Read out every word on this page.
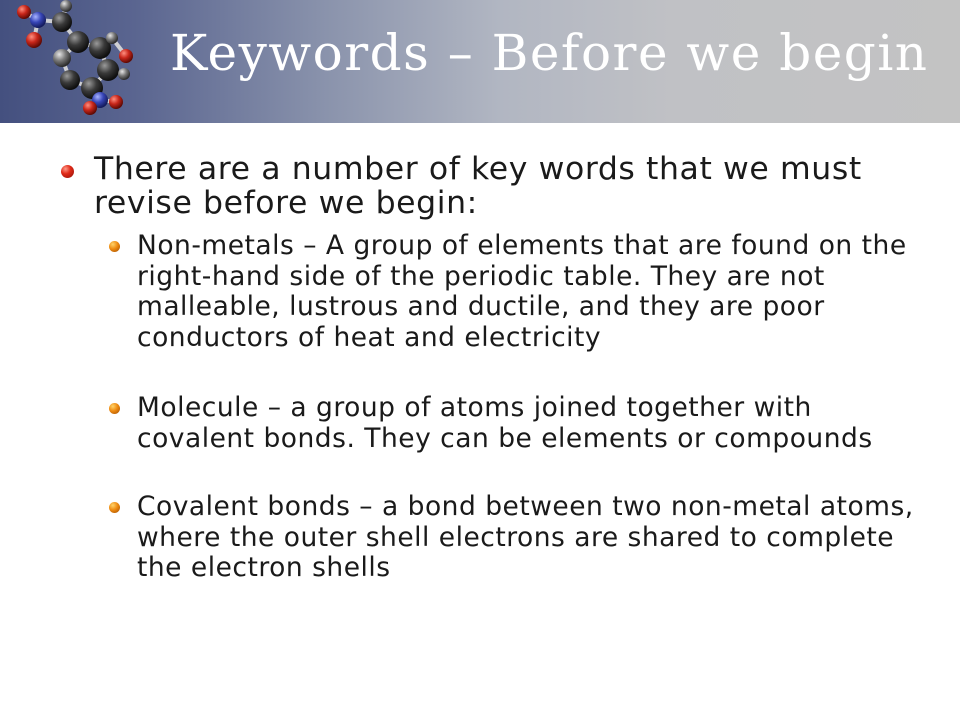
Keywords – Before we begin
There are a number of key words that we must revise before we begin:
Non-metals – A group of elements that are found on the right-hand side of the periodic table. They are not malleable, lustrous and ductile, and they are poor conductors of heat and electricity
Molecule – a group of atoms joined together with covalent bonds. They can be elements or compounds
Covalent bonds – a bond between two non-metal atoms, where the outer shell electrons are shared to complete the electron shells
